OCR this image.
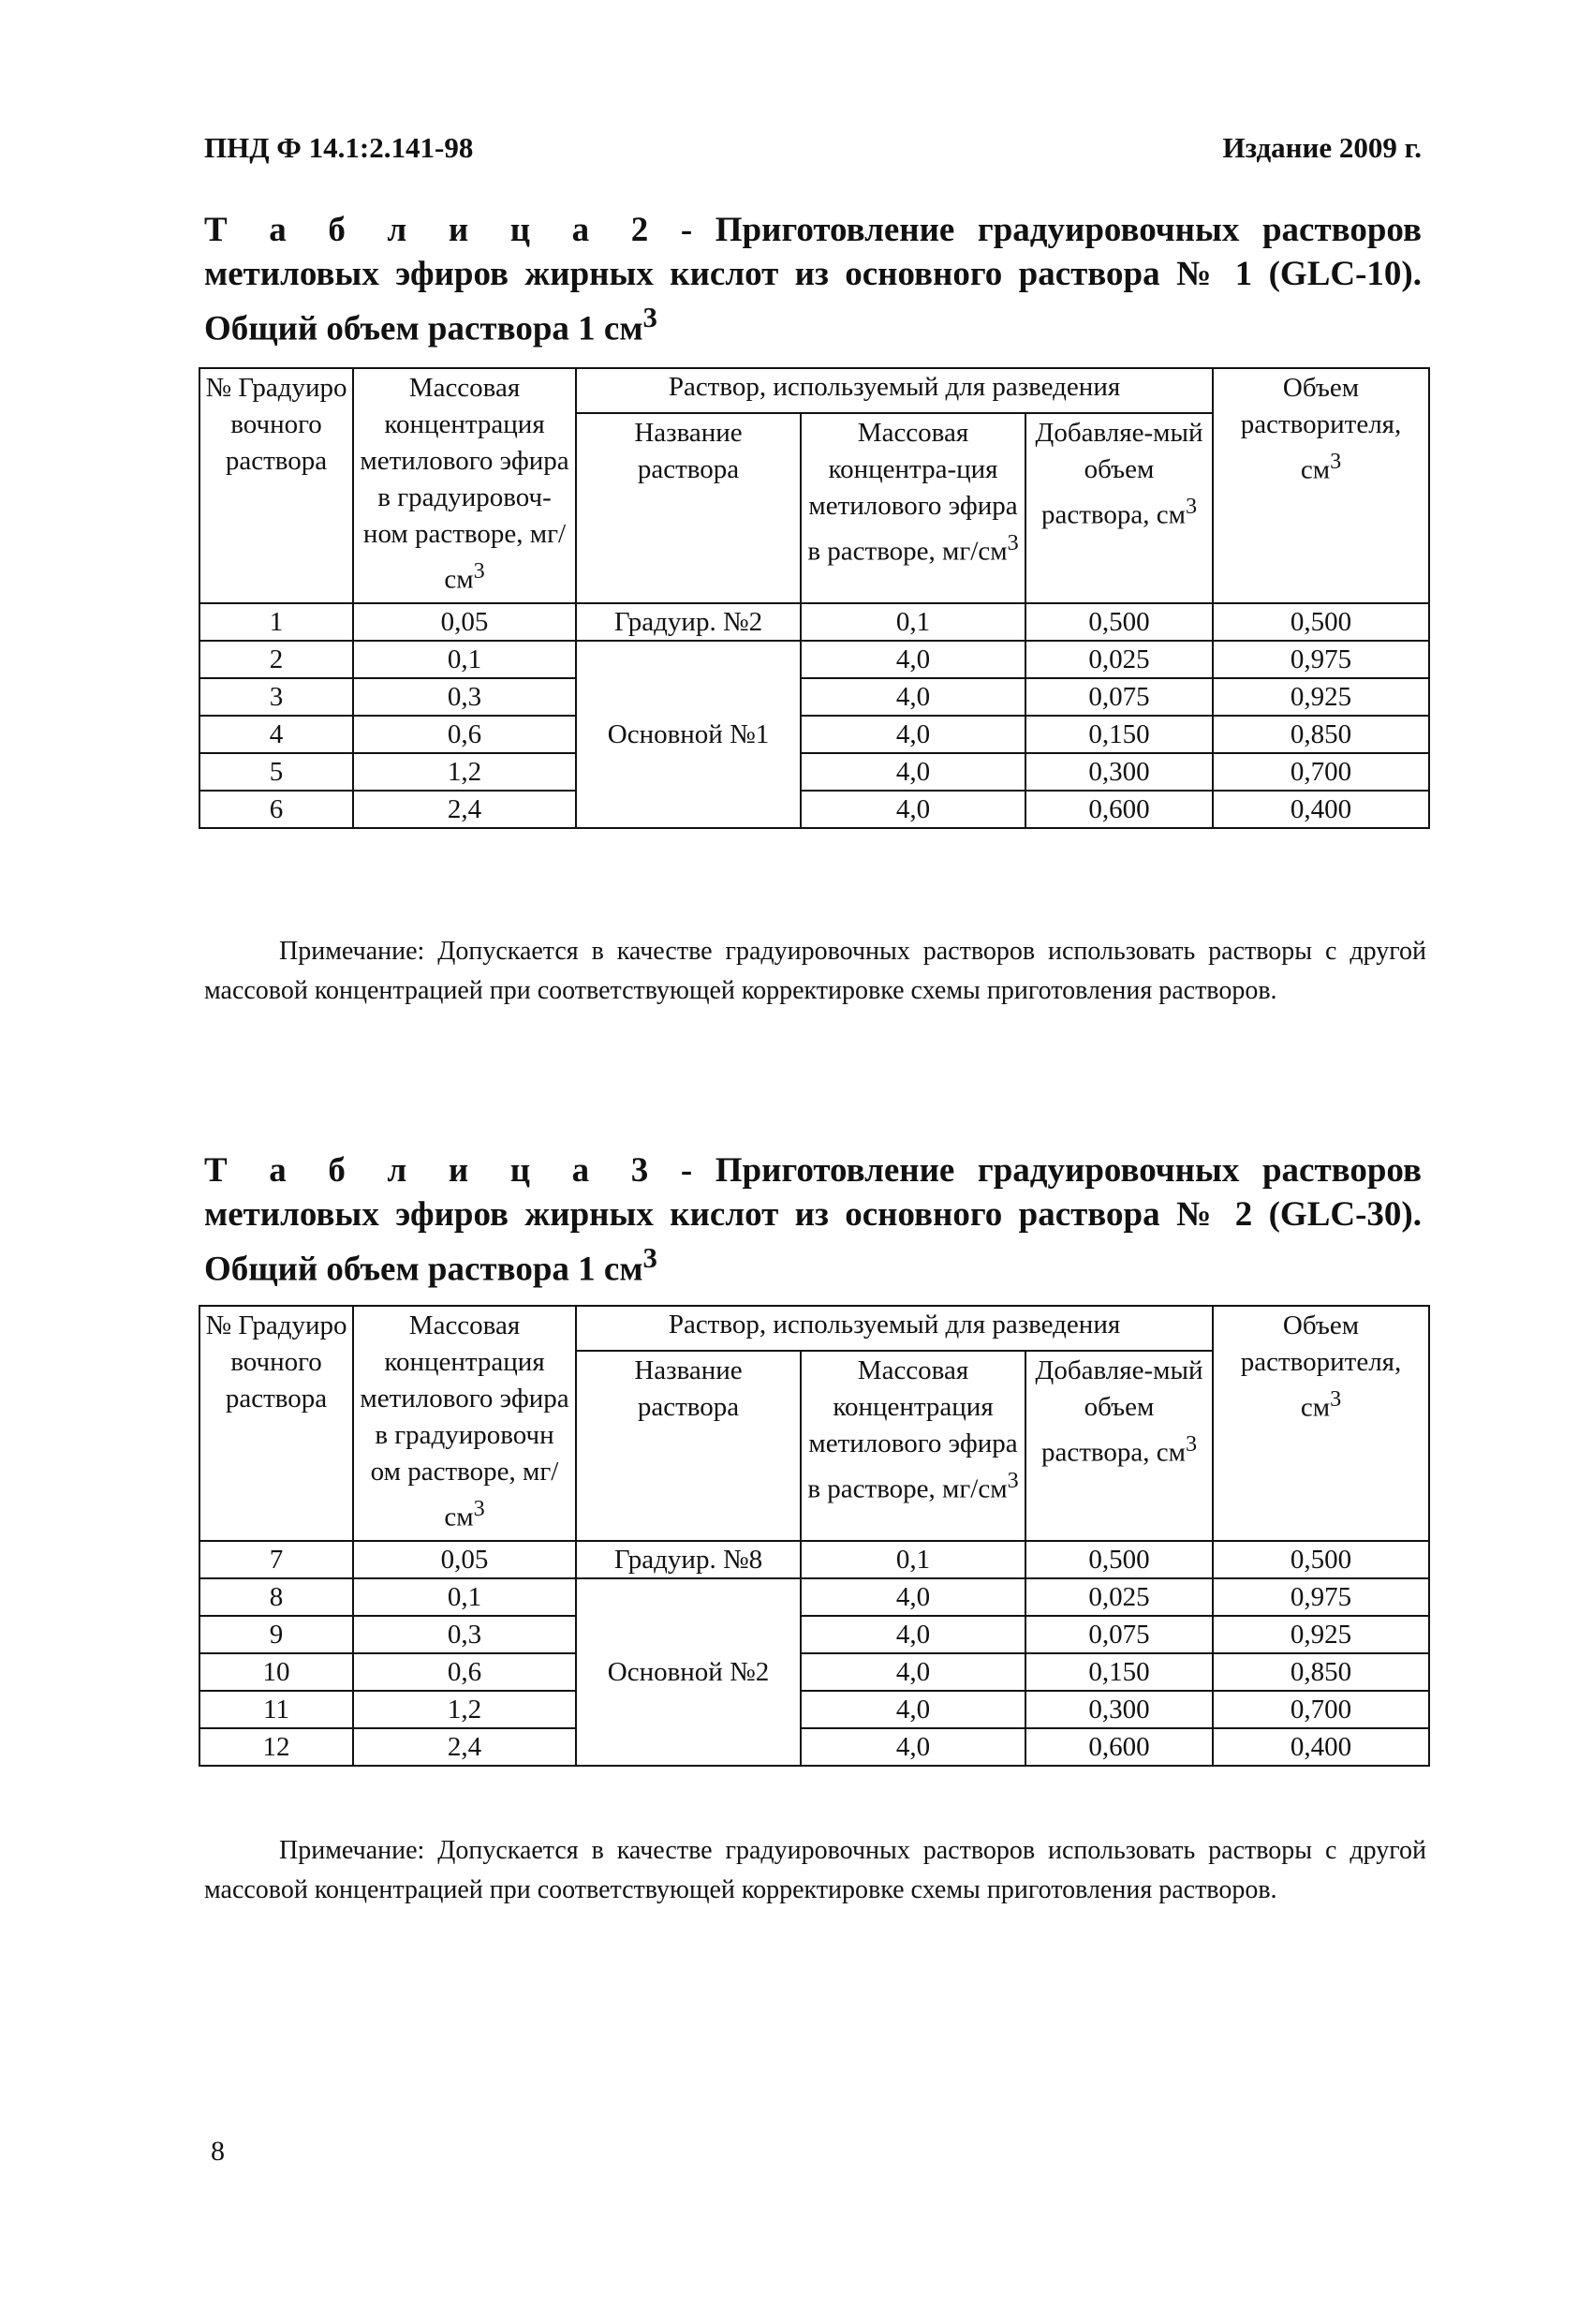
ПНД Ф 14.1:2.141-98	Издание 2009 г.
Т а б л и ц а 2 - Приготовление градуировочных растворов метиловых эфиров жирных кислот из основного раствора № 1 (GLC-10). Общий объем раствора 1 $см^3$
№ Градуиро вочного раствора	Массовая концентрация метилового эфира в градуировоч-ном растворе, $мг/см^3$	Раствор, используемый для разведения			Объем растворителя, $см^3$
		Название раствора	Массовая концентра-ция метилового эфира в растворе, $мг/см^3$	Добавляе-мый объем раствора, $см^3$
1	0,05	Градуир. №2	0,1	0,500	0,500
2	0,1	Основной №1	4,0	0,025	0,975
3	0,3		4,0	0,075	0,925
4	0,6		4,0	0,150	0,850
5	1,2		4,0	0,300	0,700
6	2,4		4,0	0,600	0,400
Примечание: Допускается в качестве градуировочных растворов использовать растворы с другой массовой концентрацией при соответствующей корректировке схемы приготовления растворов.
Т а б л и ц а 3 - Приготовление градуировочных растворов метиловых эфиров жирных кислот из основного раствора № 2 (GLC-30). Общий объем раствора 1 $см^3$
№ Градуиро вочного раствора	Массовая концентрация метилового эфира в градуировочн ом растворе, $мг/см^3$	Раствор, используемый для разведения			Объем растворителя, $см^3$
		Название раствора	Массовая концентрация метилового эфира в растворе, $мг/см^3$	Добавляе-мый объем раствора, $см^3$
7	0,05	Градуир. №8	0,1	0,500	0,500
8	0,1	Основной №2	4,0	0,025	0,975
9	0,3		4,0	0,075	0,925
10	0,6		4,0	0,150	0,850
11	1,2		4,0	0,300	0,700
12	2,4		4,0	0,600	0,400
Примечание: Допускается в качестве градуировочных растворов использовать растворы с другой массовой концентрацией при соответствующей корректировке схемы приготовления растворов.
8
